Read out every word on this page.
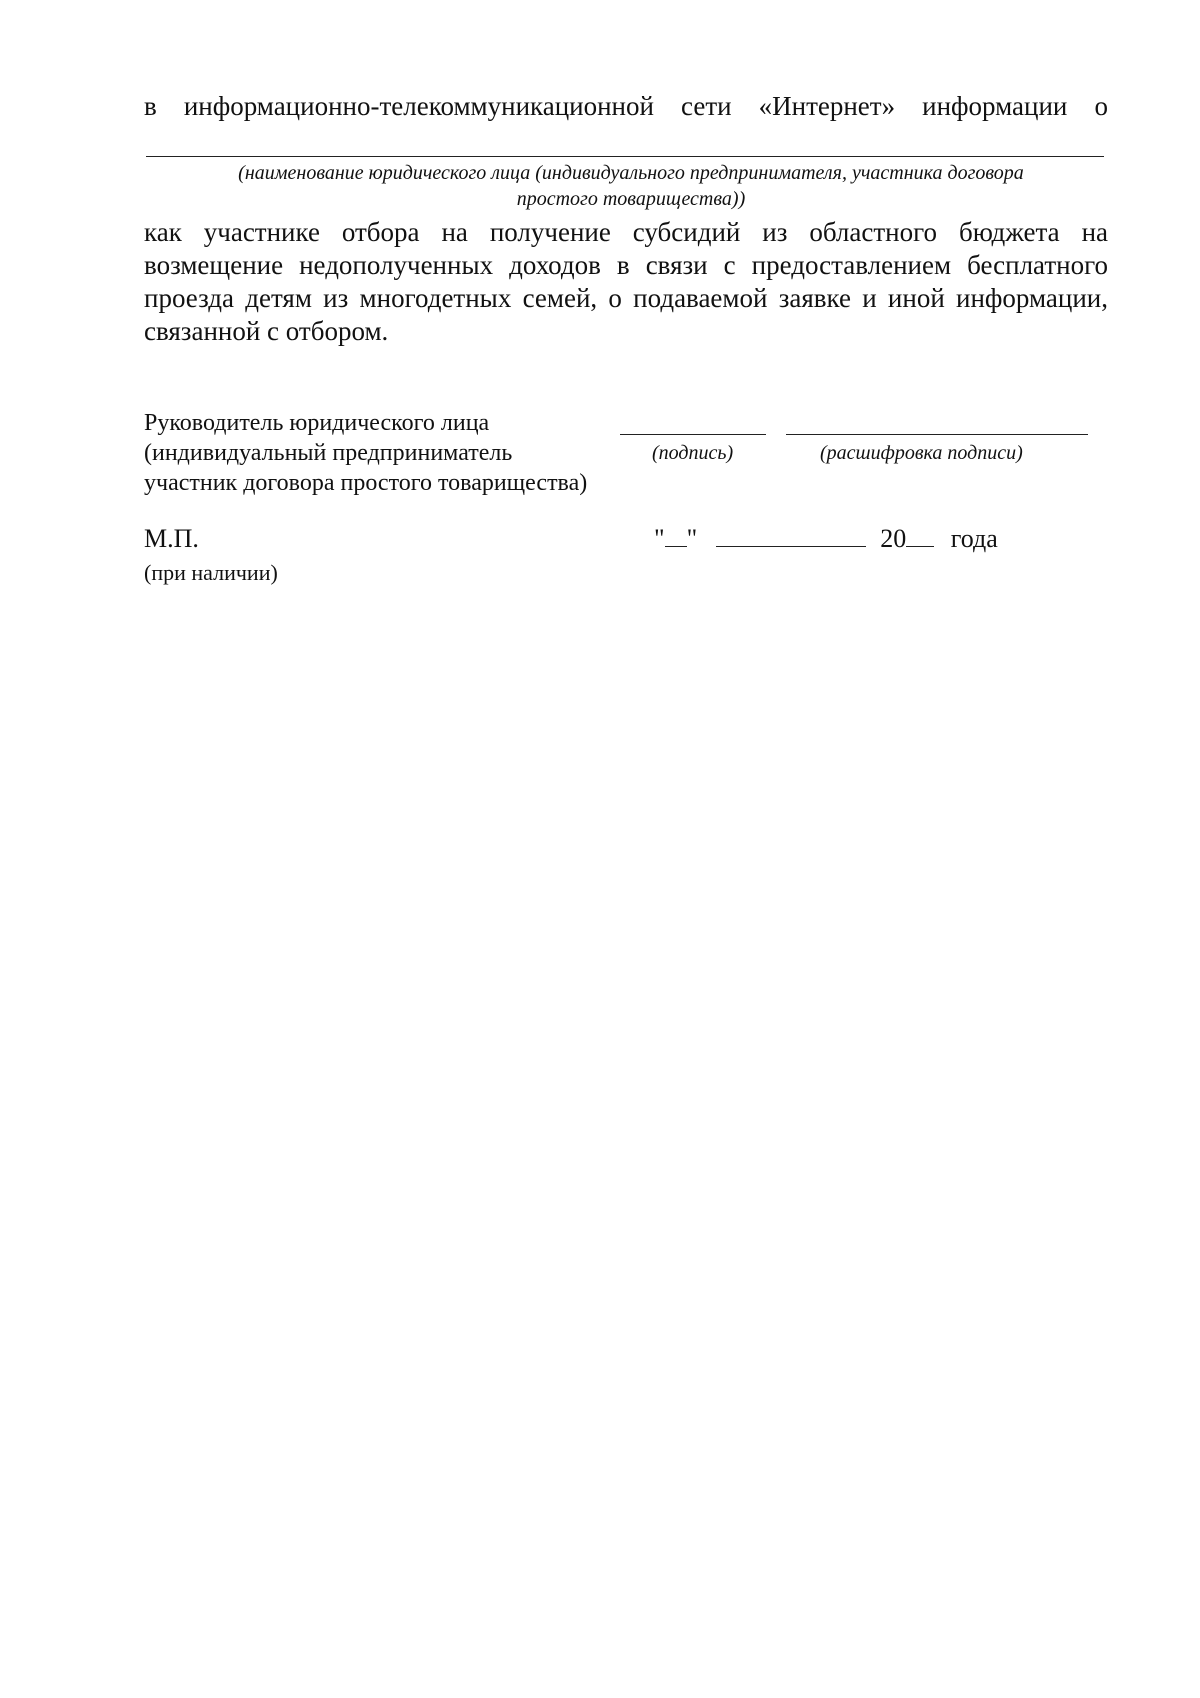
в информационно-телекоммуникационной сети «Интернет» информации о
(наименование юридического лица (индивидуального предпринимателя, участника договора
простого товарищества))
как участнике отбора на получение субсидий из областного бюджета на возмещение недополученных доходов в связи с предоставлением бесплатного проезда детям из многодетных семей, о подаваемой заявке и иной информации, связанной с отбором.
Руководитель юридического лица
(индивидуальный предприниматель
участник договора простого товарищества)
(подпись)	(расшифровка подписи)
М.П.
(при наличии)
" "	20 года
